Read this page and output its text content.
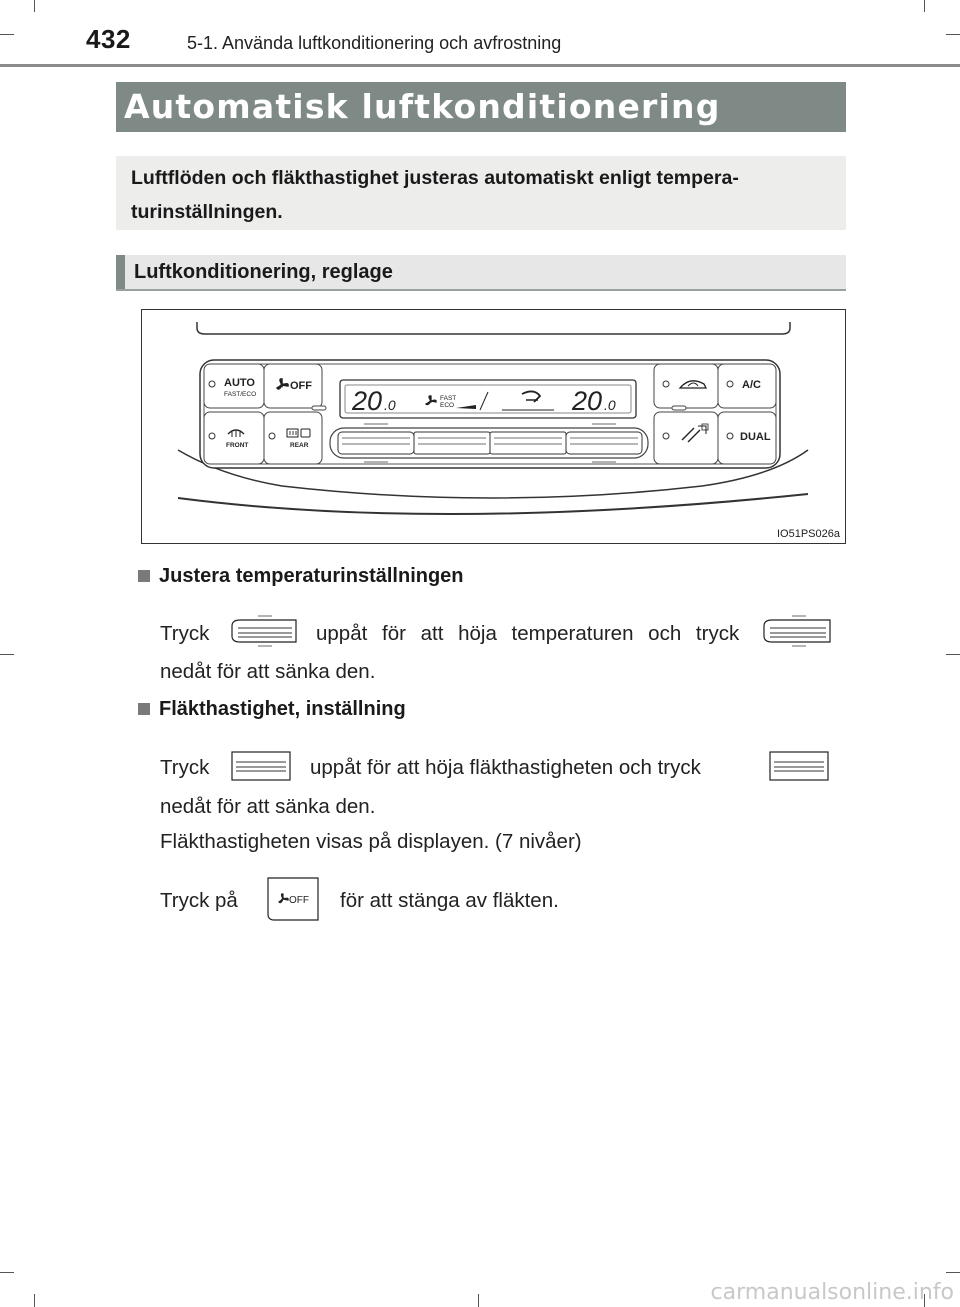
432	5-1. Använda luftkonditionering och avfrostning
Automatisk luftkonditionering
Luftflöden och fläkthastighet justeras automatiskt enligt tempera-
turinställningen.
Luftkonditionering, reglage
AUTO
FAST/ECO
OFF
FRONT	REAR
20 .0	FAST
ECO	20 .0
A/C
DUAL
IO51PS026a
Justera temperaturinställningen
Tryck	uppåt för att höja temperaturen och tryck
nedåt för att sänka den.
Fläkthastighet, inställning
Tryck	uppåt för att höja fläkthastigheten och tryck
nedåt för att sänka den.
Fläkthastigheten visas på displayen. (7 nivåer)
Tryck på	OFF för att stänga av fläkten.
carmanualsonline.info
